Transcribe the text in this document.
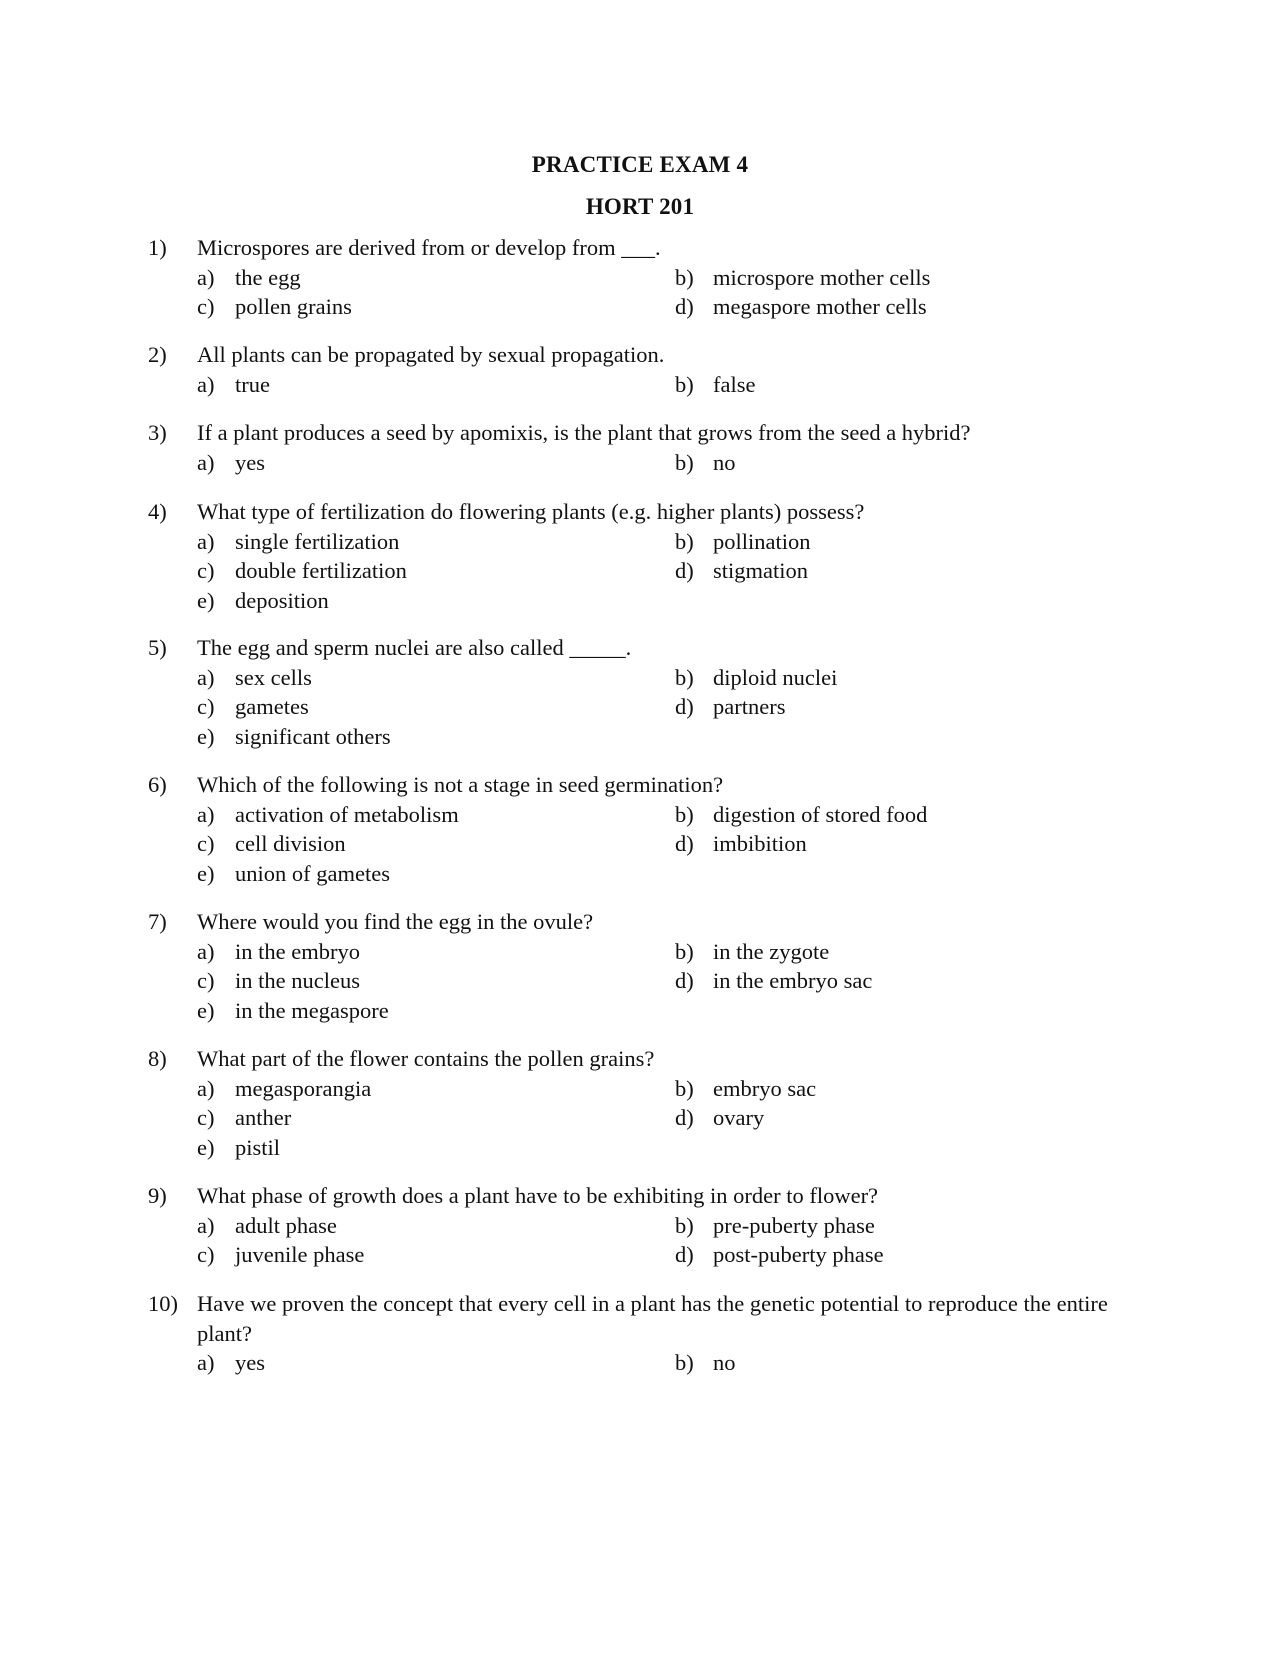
PRACTICE EXAM 4
HORT 201
1) Microspores are derived from or develop from ___.
a) the egg	b) microspore mother cells
c) pollen grains	d) megaspore mother cells
2) All plants can be propagated by sexual propagation.
a) true	b) false
3) If a plant produces a seed by apomixis, is the plant that grows from the seed a hybrid?
a) yes	b) no
4) What type of fertilization do flowering plants (e.g. higher plants) possess?
a) single fertilization	b) pollination
c) double fertilization	d) stigmation
e) deposition
5) The egg and sperm nuclei are also called _____.
a) sex cells	b) diploid nuclei
c) gametes	d) partners
e) significant others
6) Which of the following is not a stage in seed germination?
a) activation of metabolism	b) digestion of stored food
c) cell division	d) imbibition
e) union of gametes
7) Where would you find the egg in the ovule?
a) in the embryo	b) in the zygote
c) in the nucleus	d) in the embryo sac
e) in the megaspore
8) What part of the flower contains the pollen grains?
a) megasporangia	b) embryo sac
c) anther	d) ovary
e) pistil
9) What phase of growth does a plant have to be exhibiting in order to flower?
a) adult phase	b) pre-puberty phase
c) juvenile phase	d) post-puberty phase
10) Have we proven the concept that every cell in a plant has the genetic potential to reproduce the entire plant?
a) yes	b) no
